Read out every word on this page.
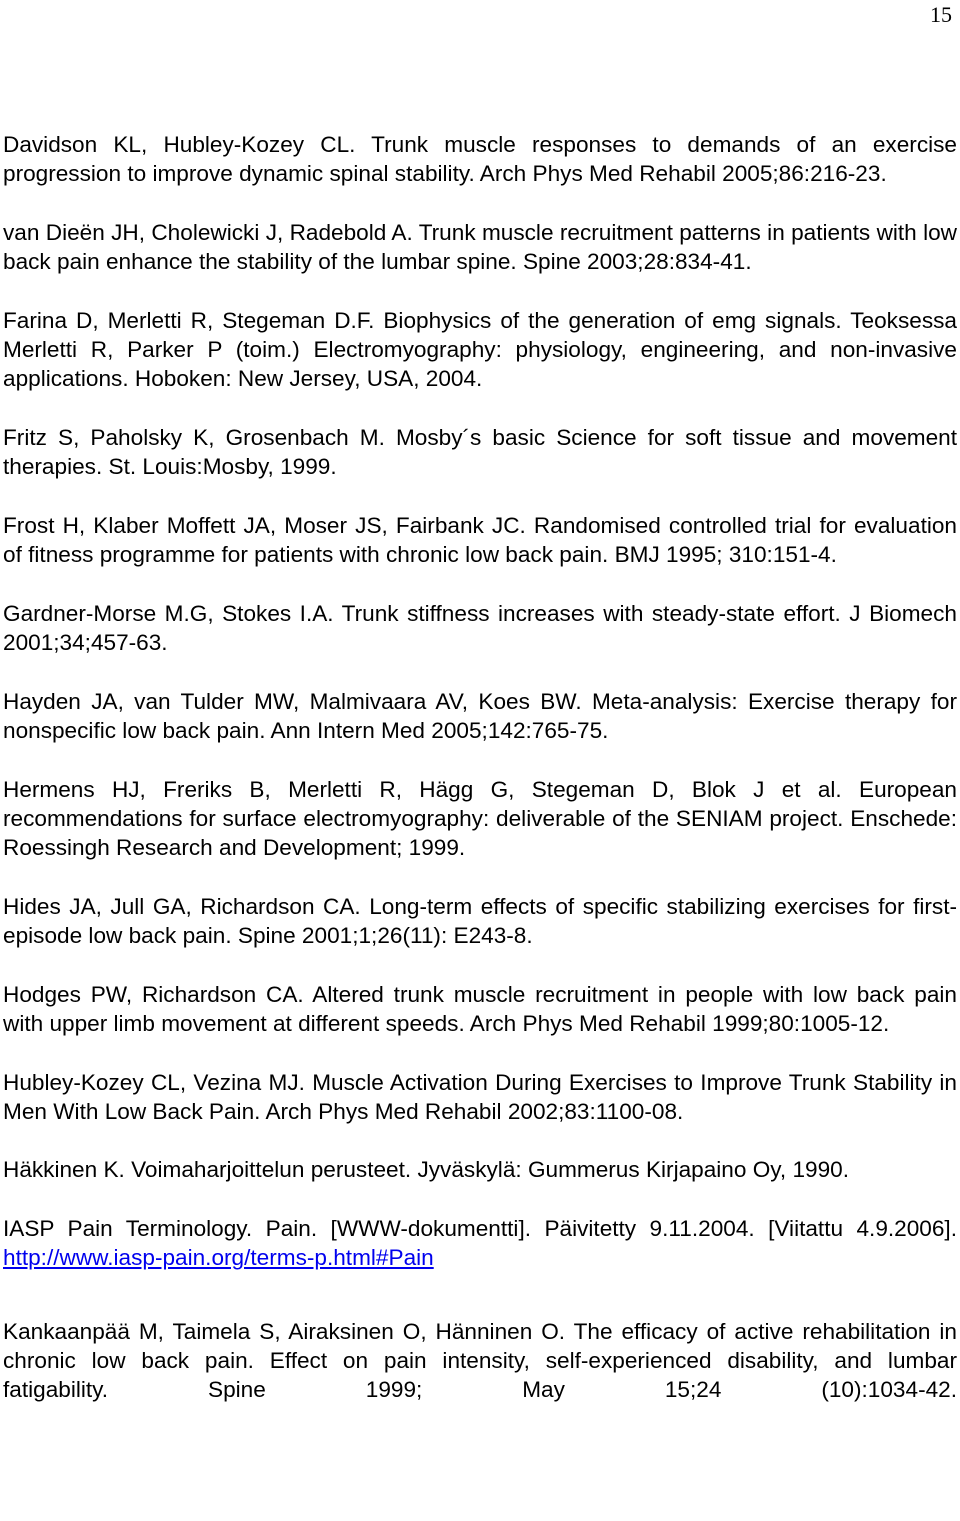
15

Davidson KL, Hubley-Kozey CL. Trunk muscle responses to demands of an exercise progression to improve dynamic spinal stability. Arch Phys Med Rehabil 2005;86:216-23.

van Dieën JH, Cholewicki J, Radebold A. Trunk muscle recruitment patterns in patients with low back pain enhance the stability of the lumbar spine. Spine 2003;28:834-41.

Farina D, Merletti R, Stegeman D.F. Biophysics of the generation of emg signals. Teoksessa Merletti R, Parker P (toim.) Electromyography: physiology, engineering, and non-invasive applications. Hoboken: New Jersey, USA, 2004.

Fritz S, Paholsky K, Grosenbach M. Mosby´s basic Science for soft tissue and movement therapies. St. Louis:Mosby, 1999.

Frost H, Klaber Moffett JA, Moser JS, Fairbank JC. Randomised controlled trial for evaluation of fitness programme for patients with chronic low back pain. BMJ 1995; 310:151-4.

Gardner-Morse M.G, Stokes I.A. Trunk stiffness increases with steady-state effort. J Biomech 2001;34;457-63.

Hayden JA, van Tulder MW, Malmivaara AV, Koes BW. Meta-analysis: Exercise therapy for nonspecific low back pain. Ann Intern Med 2005;142:765-75.

Hermens HJ, Freriks B, Merletti R, Hägg G, Stegeman D, Blok J et al. European recommendations for surface electromyography: deliverable of the SENIAM project. Enschede: Roessingh Research and Development; 1999.

Hides JA, Jull GA, Richardson CA. Long-term effects of specific stabilizing exercises for first-episode low back pain. Spine 2001;1;26(11): E243-8.

Hodges PW, Richardson CA. Altered trunk muscle recruitment in people with low back pain with upper limb movement at different speeds. Arch Phys Med Rehabil 1999;80:1005-12.

Hubley-Kozey CL, Vezina MJ. Muscle Activation During Exercises to Improve Trunk Stability in Men With Low Back Pain. Arch Phys Med Rehabil 2002;83:1100-08.

Häkkinen K. Voimaharjoittelun perusteet. Jyväskylä: Gummerus Kirjapaino Oy, 1990.

IASP Pain Terminology. Pain. [WWW-dokumentti]. Päivitetty 9.11.2004. [Viitattu 4.9.2006]. http://www.iasp-pain.org/terms-p.html#Pain

Kankaanpää M, Taimela S, Airaksinen O, Hänninen O. The efficacy of active rehabilitation in chronic low back pain. Effect on pain intensity, self-experienced disability, and lumbar fatigability. Spine 1999; May 15;24 (10):1034-42.
